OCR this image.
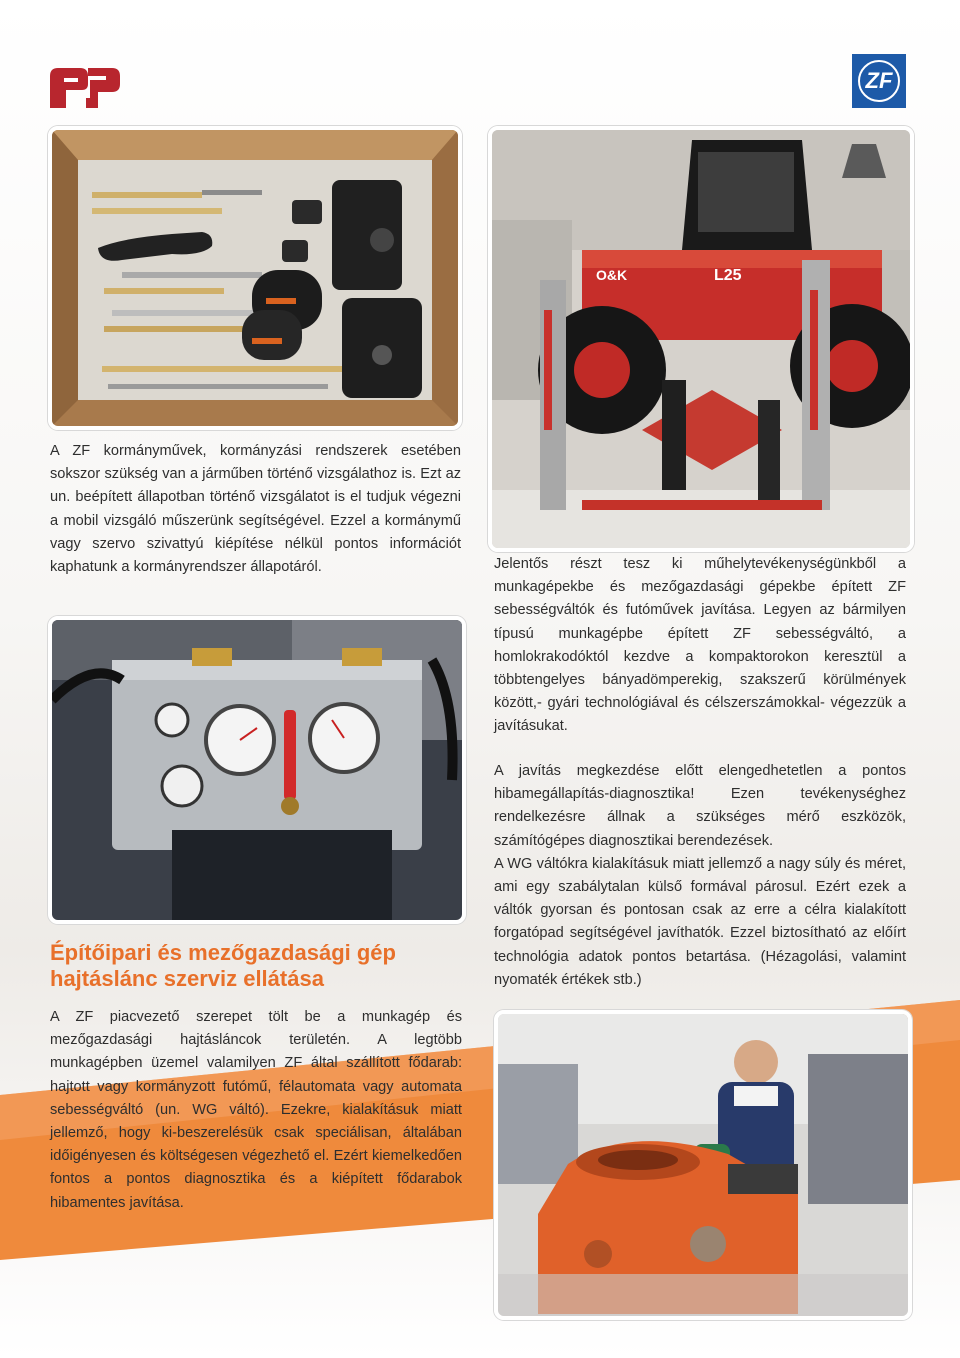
ZF

A ZF kormányművek, kormányzási rendszerek esetében sokszor szükség van a járműben történő vizsgálathoz is. Ezt az un. beépített állapotban történő vizsgálatot is el tudjuk végezni a mobil vizsgáló műszerünk segítségével. Ezzel a kormánymű vagy szervo szivattyú kiépítése nélkül pontos információt kaphatunk a kormányrendszer állapotáról.

O&K	L25

Jelentős részt tesz ki műhelytevékenységünkből a munkagépekbe és mezőgazdasági gépekbe épített ZF sebességváltók és futóművek javítása. Legyen az bármilyen típusú munkagépbe épített ZF sebességváltó, a homlokrakodóktól kezdve a kompaktorokon keresztül a többtengelyes bányadömperekig, szakszerű körülmények között,- gyári technológiával és célszerszámokkal- végezzük a javításukat.

A javítás megkezdése előtt elengedhetetlen a pontos hibamegállapítás-diagnosztika! Ezen tevékenységhez rendelkezésre állnak a szükséges mérő eszközök, számítógépes diagnosztikai berendezések.

A WG váltókra kialakításuk miatt jellemző a nagy súly és méret, ami egy szabálytalan külső formával párosul. Ezért ezek a váltók gyorsan és pontosan csak az erre a célra kialakított forgatópad segítségével javíthatók. Ezzel biztosítható az előírt technológia adatok pontos betartása. (Hézagolási, valamint nyomaték értékek stb.)

Építőipari és mezőgazdasági gép
hajtáslánc szerviz ellátása

A ZF piacvezető szerepet tölt be a munkagép és mezőgazdasági hajtásláncok területén. A legtöbb munkagépben üzemel valamilyen ZF által szállított fődarab: hajtott vagy kormányzott futómű, félautomata vagy automata sebességváltó (un. WG váltó). Ezekre, kialakításuk miatt jellemző, hogy ki-beszerelésük csak speciálisan, általában időigényesen és költségesen végezhető el. Ezért kiemelkedően fontos a pontos diagnosztika és a kiépített fődarabok hibamentes javítása.
